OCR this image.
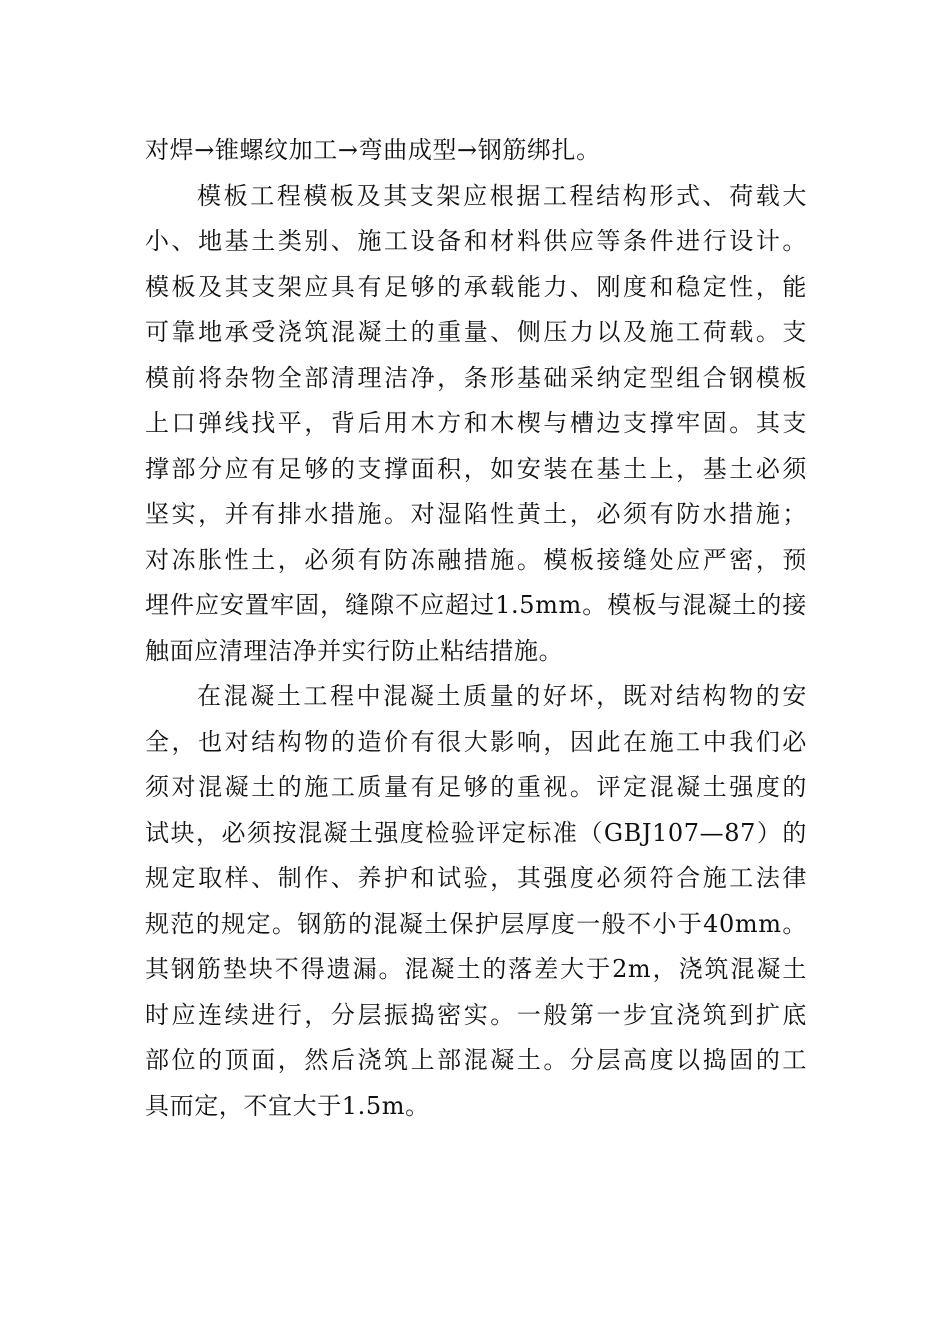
对焊→锥螺纹加工→弯曲成型→钢筋绑扎。
模板工程模板及其支架应根据工程结构形式、荷载大
小、地基土类别、施工设备和材料供应等条件进行设计。
模板及其支架应具有足够的承载能力、刚度和稳定性，能
可靠地承受浇筑混凝土的重量、侧压力以及施工荷载。支
模前将杂物全部清理洁净，条形基础采纳定型组合钢模板
上口弹线找平，背后用木方和木楔与槽边支撑牢固。其支
撑部分应有足够的支撑面积，如安装在基土上，基土必须
坚实，并有排水措施。对湿陷性黄土，必须有防水措施；
对冻胀性土，必须有防冻融措施。模板接缝处应严密，预
埋件应安置牢固，缝隙不应超过1.5mm。模板与混凝土的接
触面应清理洁净并实行防止粘结措施。
在混凝土工程中混凝土质量的好坏，既对结构物的安
全，也对结构物的造价有很大影响，因此在施工中我们必
须对混凝土的施工质量有足够的重视。评定混凝土强度的
试块，必须按混凝土强度检验评定标准（GBJ107—87）的
规定取样、制作、养护和试验，其强度必须符合施工法律
规范的规定。钢筋的混凝土保护层厚度一般不小于40mm。
其钢筋垫块不得遗漏。混凝土的落差大于2m，浇筑混凝土
时应连续进行，分层振捣密实。一般第一步宜浇筑到扩底
部位的顶面，然后浇筑上部混凝土。分层高度以捣固的工
具而定，不宜大于1.5m。
